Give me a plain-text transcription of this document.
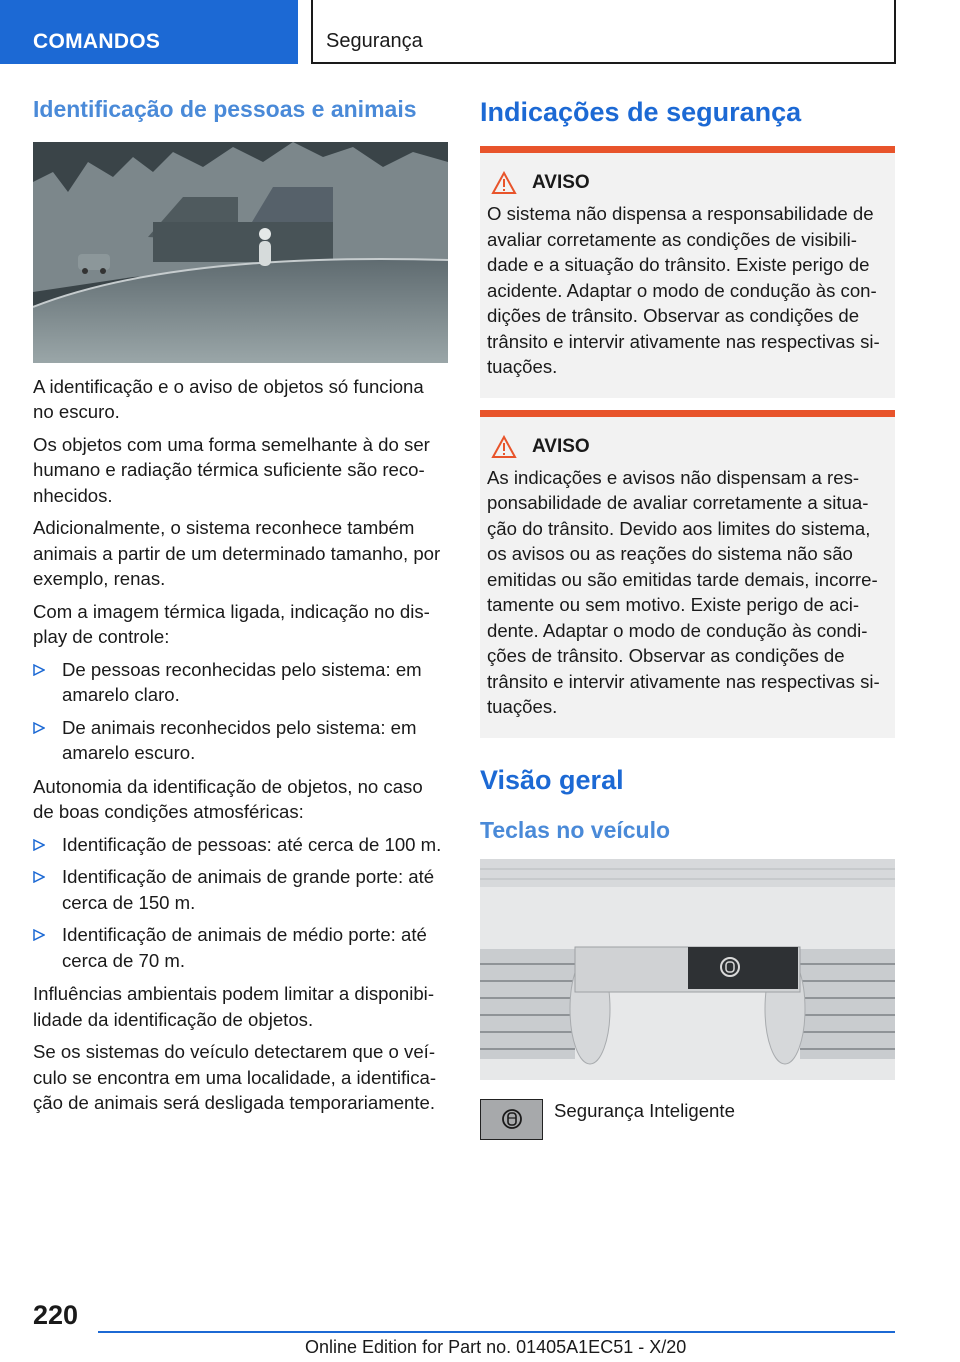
COMANDOS	Segurança
Identificação de pessoas e animais

A identificação e o aviso de objetos só funciona no escuro.

Os objetos com uma forma semelhante à do ser humano e radiação térmica suficiente são reconhecidos.

Adicionalmente, o sistema reconhece também animais a partir de um determinado tamanho, por exemplo, renas.

Com a imagem térmica ligada, indicação no display de controle:

De pessoas reconhecidas pelo sistema: em amarelo claro.
De animais reconhecidos pelo sistema: em amarelo escuro.

Autonomia da identificação de objetos, no caso de boas condições atmosféricas:

Identificação de pessoas: até cerca de 100 m.
Identificação de animais de grande porte: até cerca de 150 m.
Identificação de animais de médio porte: até cerca de 70 m.

Influências ambientais podem limitar a disponibilidade da identificação de objetos.

Se os sistemas do veículo detectarem que o veículo se encontra em uma localidade, a identificação de animais será desligada temporariamente.

Indicações de segurança
AVISO

O sistema não dispensa a responsabilidade de avaliar corretamente as condições de visibilidade e a situação do trânsito. Existe perigo de acidente. Adaptar o modo de condução às condições de trânsito. Observar as condições de trânsito e intervir ativamente nas respectivas situações.

AVISO

As indicações e avisos não dispensam a responsabilidade de avaliar corretamente a situação do trânsito. Devido aos limites do sistema, os avisos ou as reações do sistema não são emitidas ou são emitidas tarde demais, incorretamente ou sem motivo. Existe perigo de acidente. Adaptar o modo de condução às condições de trânsito. Observar as condições de trânsito e intervir ativamente nas respectivas situações.

Visão geral
Teclas no veículo
Segurança Inteligente
220
Online Edition for Part no. 01405A1EC51 - X/20
